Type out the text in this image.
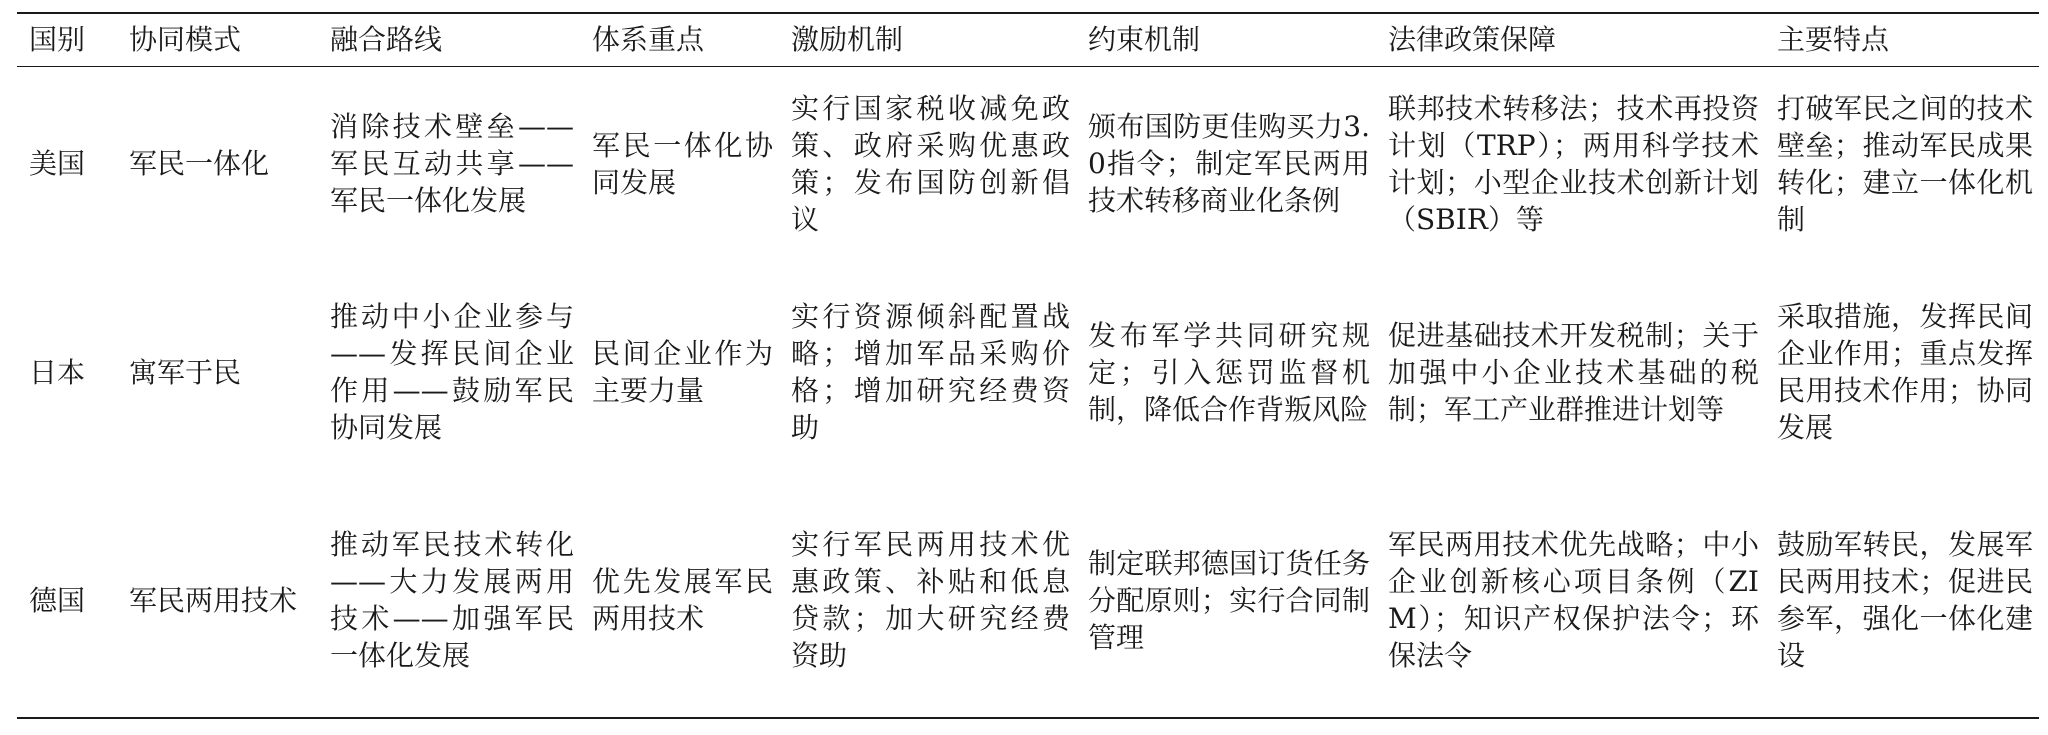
国别	协同模式	融合路线	体系重点	激励机制	约束机制	法律政策保障	主要特点
美国	军民一体化	消除技术壁垒——军民互动共享——军民一体化发展	军民一体化协同发展	实行国家税收减免政策、政府采购优惠政策；发布国防创新倡议	颁布国防更佳购买力3.0指令；制定军民两用技术转移商业化条例	联邦技术转移法；技术再投资计划（TRP）；两用科学技术计划；小型企业技术创新计划（SBIR）等	打破军民之间的技术壁垒；推动军民成果转化；建立一体化机制
日本	寓军于民	推动中小企业参与——发挥民间企业作用——鼓励军民协同发展	民间企业作为主要力量	实行资源倾斜配置战略；增加军品采购价格；增加研究经费资助	发布军学共同研究规定；引入惩罚监督机制，降低合作背叛风险	促进基础技术开发税制；关于加强中小企业技术基础的税制；军工产业群推进计划等	采取措施，发挥民间企业作用；重点发挥民用技术作用；协同发展
德国	军民两用技术	推动军民技术转化——大力发展两用技术——加强军民一体化发展	优先发展军民两用技术	实行军民两用技术优惠政策、补贴和低息贷款；加大研究经费资助	制定联邦德国订货任务分配原则；实行合同制管理	军民两用技术优先战略；中小企业创新核心项目条例（ZIM）；知识产权保护法令；环保法令	鼓励军转民，发展军民两用技术；促进民参军，强化一体化建设
